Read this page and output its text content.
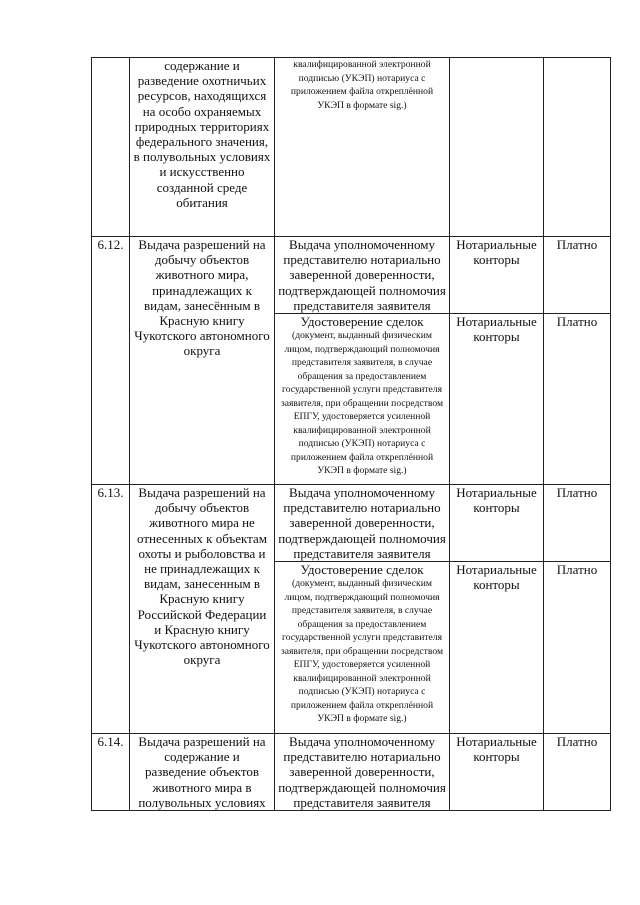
	содержание и разведение охотничьих ресурсов, находящихся на особо охраняемых природных территориях федерального значения, в полувольных условиях и искусственно созданной среде обитания	квалифицированной электронной подписью (УКЭП) нотариуса с приложением файла откреплённой УКЭП в формате sig.)		

6.12.	Выдача разрешений на добычу объектов животного мира, принадлежащих к видам, занесённым в Красную книгу Чукотского автономного округа	Выдача уполномоченному представителю нотариально заверенной доверенности, подтверждающей полномочия представителя заявителя	Нотариальные конторы	Платно

		Удостоверение сделок
(документ, выданный физическим лицом, подтверждающий полномочия представителя заявителя, в случае обращения за предоставлением государственной услуги представителя заявителя, при обращении посредством ЕПГУ, удостоверяется усиленной квалифицированной электронной подписью (УКЭП) нотариуса с приложением файла откреплённой УКЭП в формате sig.)	Нотариальные конторы	Платно
6.13.	Выдача разрешений на добычу объектов животного мира не отнесенных к объектам охоты и рыболовства и не принадлежащих к видам, занесенным в Красную книгу Российской Федерации и Красную книгу Чукотского автономного округа	Выдача уполномоченному представителю нотариально заверенной доверенности, подтверждающей полномочия представителя заявителя	Нотариальные конторы	Платно

		Удостоверение сделок
(документ, выданный физическим лицом, подтверждающий полномочия представителя заявителя, в случае обращения за предоставлением государственной услуги представителя заявителя, при обращении посредством ЕПГУ, удостоверяется усиленной квалифицированной электронной подписью (УКЭП) нотариуса с приложением файла откреплённой УКЭП в формате sig.)	Нотариальные конторы	Платно
6.14.	Выдача разрешений на содержание и разведение объектов животного мира в полувольных условиях	Выдача уполномоченному представителю нотариально заверенной доверенности, подтверждающей полномочия представителя заявителя	Нотариальные конторы	Платно
